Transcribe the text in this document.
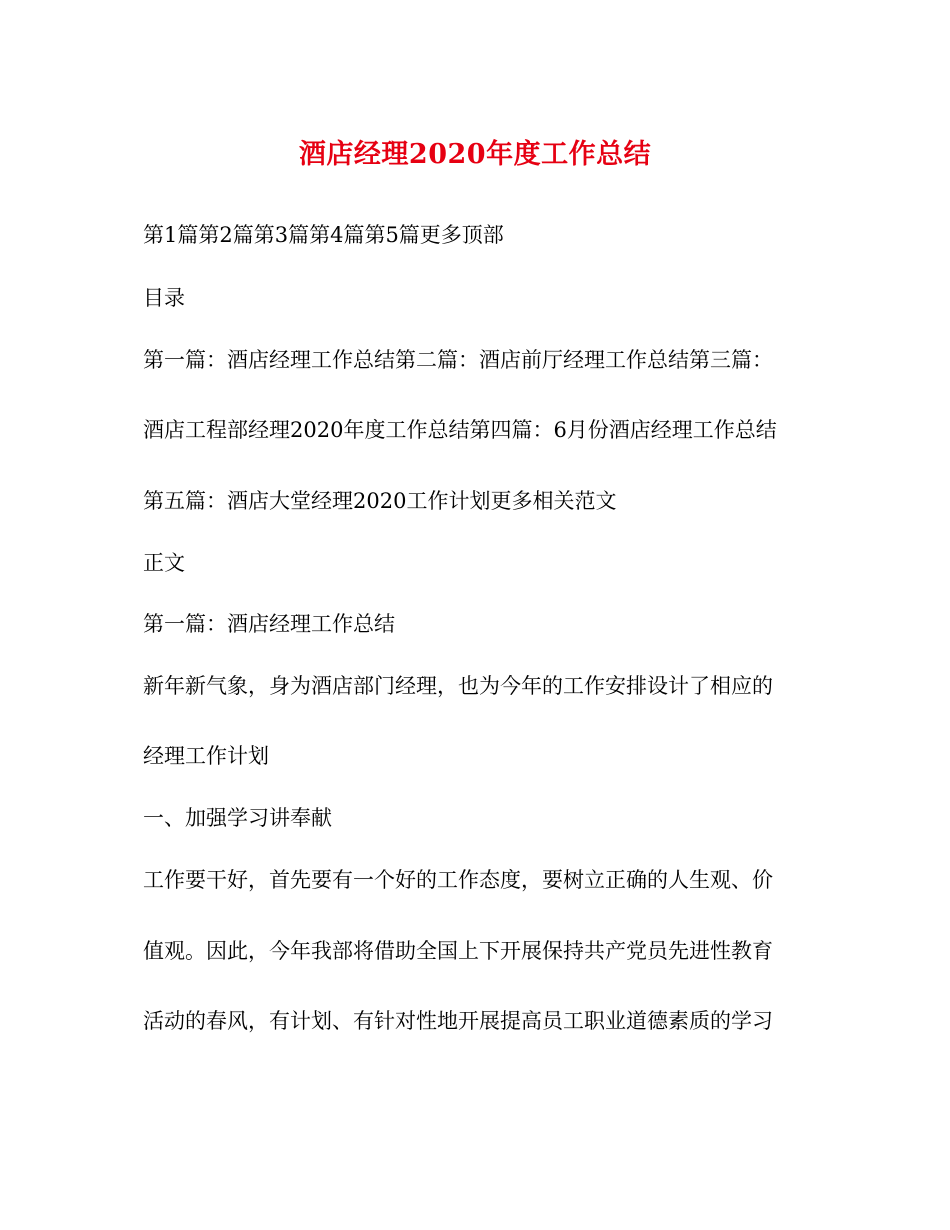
酒店经理2020年度工作总结
第1篇第2篇第3篇第4篇第5篇更多顶部
目录
第一篇：酒店经理工作总结第二篇：酒店前厅经理工作总结第三篇：
酒店工程部经理2020年度工作总结第四篇：6月份酒店经理工作总结
第五篇：酒店大堂经理2020工作计划更多相关范文
正文
第一篇：酒店经理工作总结
新年新气象，身为酒店部门经理，也为今年的工作安排设计了相应的
经理工作计划
一、加强学习讲奉献
工作要干好，首先要有一个好的工作态度，要树立正确的人生观、价
值观。因此，今年我部将借助全国上下开展保持共产党员先进性教育
活动的春风，有计划、有针对性地开展提高员工职业道德素质的学习
